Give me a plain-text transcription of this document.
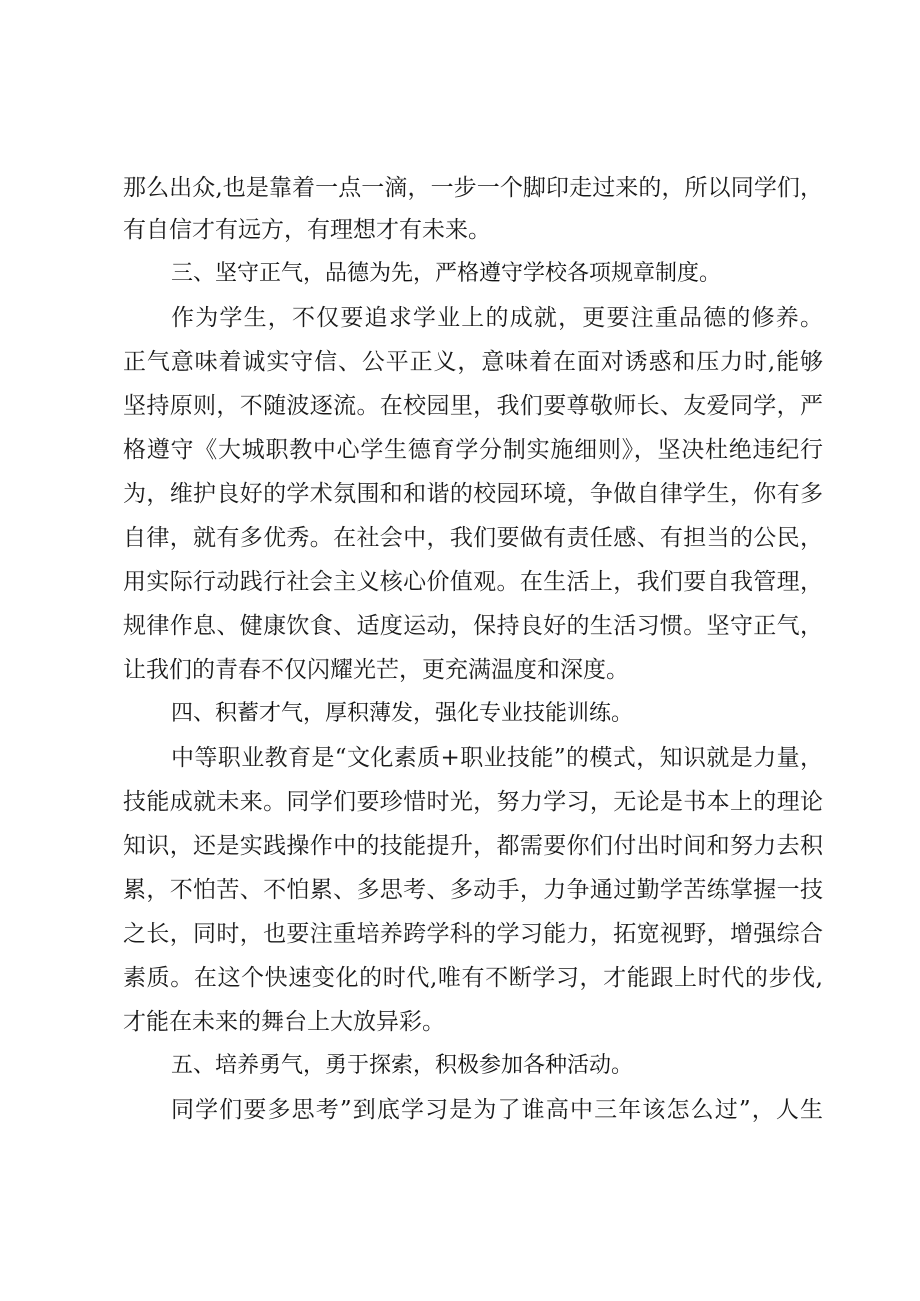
那么出众,也是靠着一点一滴，一步一个脚印走过来的，所以同学们，
有自信才有远方，有理想才有未来。
三、坚守正气，品德为先，严格遵守学校各项规章制度。
作为学生，不仅要追求学业上的成就，更要注重品德的修养。
正气意味着诚实守信、公平正义，意味着在面对诱惑和压力时,能够
坚持原则，不随波逐流。在校园里，我们要尊敬师长、友爱同学，严
格遵守《大城职教中心学生德育学分制实施细则》，坚决杜绝违纪行
为，维护良好的学术氛围和和谐的校园环境，争做自律学生，你有多
自律，就有多优秀。在社会中，我们要做有责任感、有担当的公民，
用实际行动践行社会主义核心价值观。在生活上，我们要自我管理，
规律作息、健康饮食、适度运动，保持良好的生活习惯。坚守正气，
让我们的青春不仅闪耀光芒，更充满温度和深度。
四、积蓄才气，厚积薄发，强化专业技能训练。
中等职业教育是“文化素质+职业技能”的模式，知识就是力量，
技能成就未来。同学们要珍惜时光，努力学习，无论是书本上的理论
知识，还是实践操作中的技能提升，都需要你们付出时间和努力去积
累，不怕苦、不怕累、多思考、多动手，力争通过勤学苦练掌握一技
之长，同时，也要注重培养跨学科的学习能力，拓宽视野，增强综合
素质。在这个快速变化的时代,唯有不断学习，才能跟上时代的步伐,
才能在未来的舞台上大放异彩。
五、培养勇气，勇于探索，积极参加各种活动。
同学们要多思考”到底学习是为了谁高中三年该怎么过”，人生
